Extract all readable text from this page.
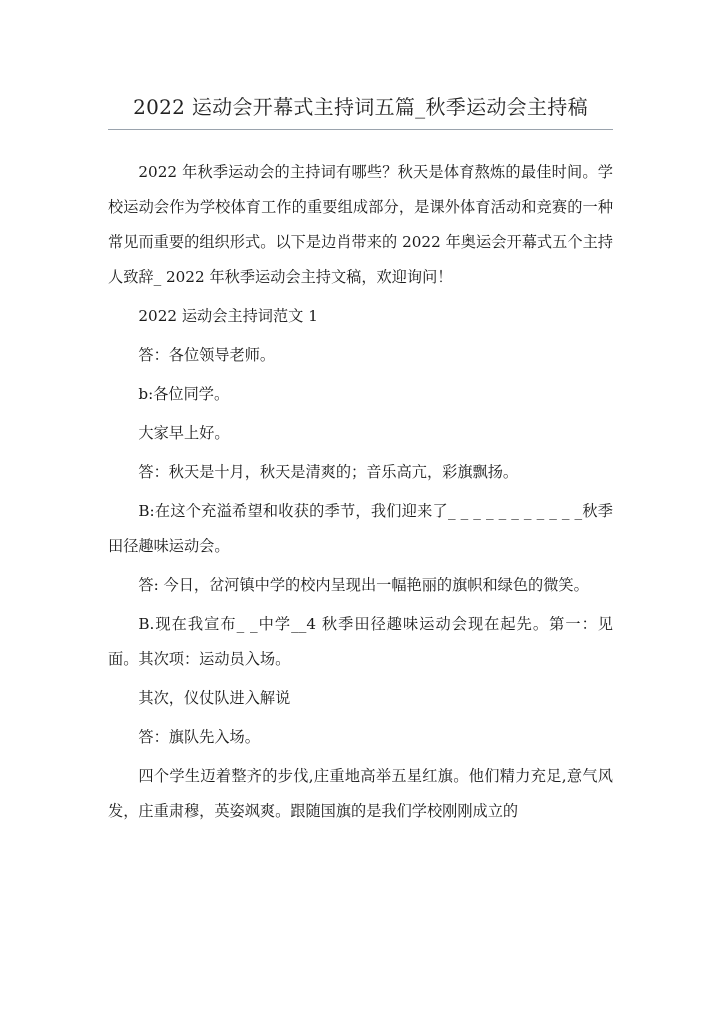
2022 运动会开幕式主持词五篇_秋季运动会主持稿

2022 年秋季运动会的主持词有哪些？秋天是体育熬炼的最佳时间。学校运动会作为学校体育工作的重要组成部分，是课外体育活动和竞赛的一种常见而重要的组织形式。以下是边肖带来的 2022 年奥运会开幕式五个主持人致辞_ 2022 年秋季运动会主持文稿，欢迎询问！

2022 运动会主持词范文 1

答：各位领导老师。

b:各位同学。

大家早上好。

答：秋天是十月，秋天是清爽的；音乐高亢，彩旗飘扬。

B:在这个充溢希望和收获的季节，我们迎来了_ _ _ _ _ _ _ _ _ _ _秋季田径趣味运动会。

答: 今日，岔河镇中学的校内呈现出一幅艳丽的旗帜和绿色的微笑。

B.现在我宣布_ _中学__4 秋季田径趣味运动会现在起先。第一：见面。其次项：运动员入场。

其次，仪仗队进入解说

答：旗队先入场。

四个学生迈着整齐的步伐,庄重地高举五星红旗。他们精力充足,意气风发，庄重肃穆，英姿飒爽。跟随国旗的是我们学校刚刚成立的
